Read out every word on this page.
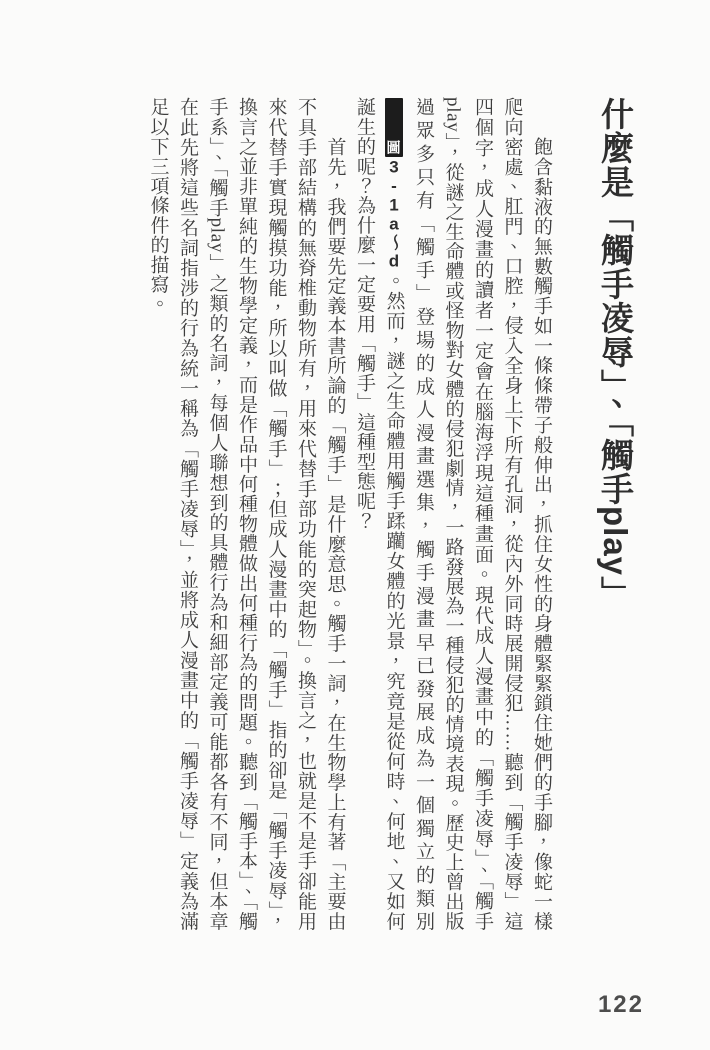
什麼是「觸手凌辱」、「觸手play」

飽含黏液的無數觸手如一條條帶子般伸出，抓住女性的身體緊緊鎖住她們的手腳，像蛇一樣爬向密處、肛門、口腔，侵入全身上下所有孔洞，從內外同時展開侵犯……聽到「觸手凌辱」這四個字，成人漫畫的讀者一定會在腦海浮現這種畫面。現代成人漫畫中的「觸手凌辱」、「觸手play」，從謎之生命體或怪物對女體的侵犯劇情，一路發展為一種侵犯的情境表現。歷史上曾出版過眾多只有「觸手」登場的成人漫畫選集，觸手漫畫早已發展成為一個獨立的類別圖3-1a～d。然而，謎之生命體用觸手蹂躪女體的光景，究竟是從何時、何地、又如何誕生的呢？為什麼一定要用「觸手」這種型態呢？

首先，我們要先定義本書所論的「觸手」是什麼意思。觸手一詞，在生物學上有著「主要由不具手部結構的無脊椎動物所有，用來代替手部功能的突起物」。換言之，也就是不是手卻能用來代替手實現觸摸功能，所以叫做「觸手」；但成人漫畫中的「觸手」指的卻是「觸手凌辱」，換言之並非單純的生物學定義，而是作品中何種物體做出何種行為的問題。聽到「觸手本」、「觸手系」、「觸手play」之類的名詞，每個人聯想到的具體行為和細部定義可能都各有不同，但本章在此先將這些名詞指涉的行為統一稱為「觸手凌辱」，並將成人漫畫中的「觸手凌辱」定義為滿足以下三項條件的描寫。

122
